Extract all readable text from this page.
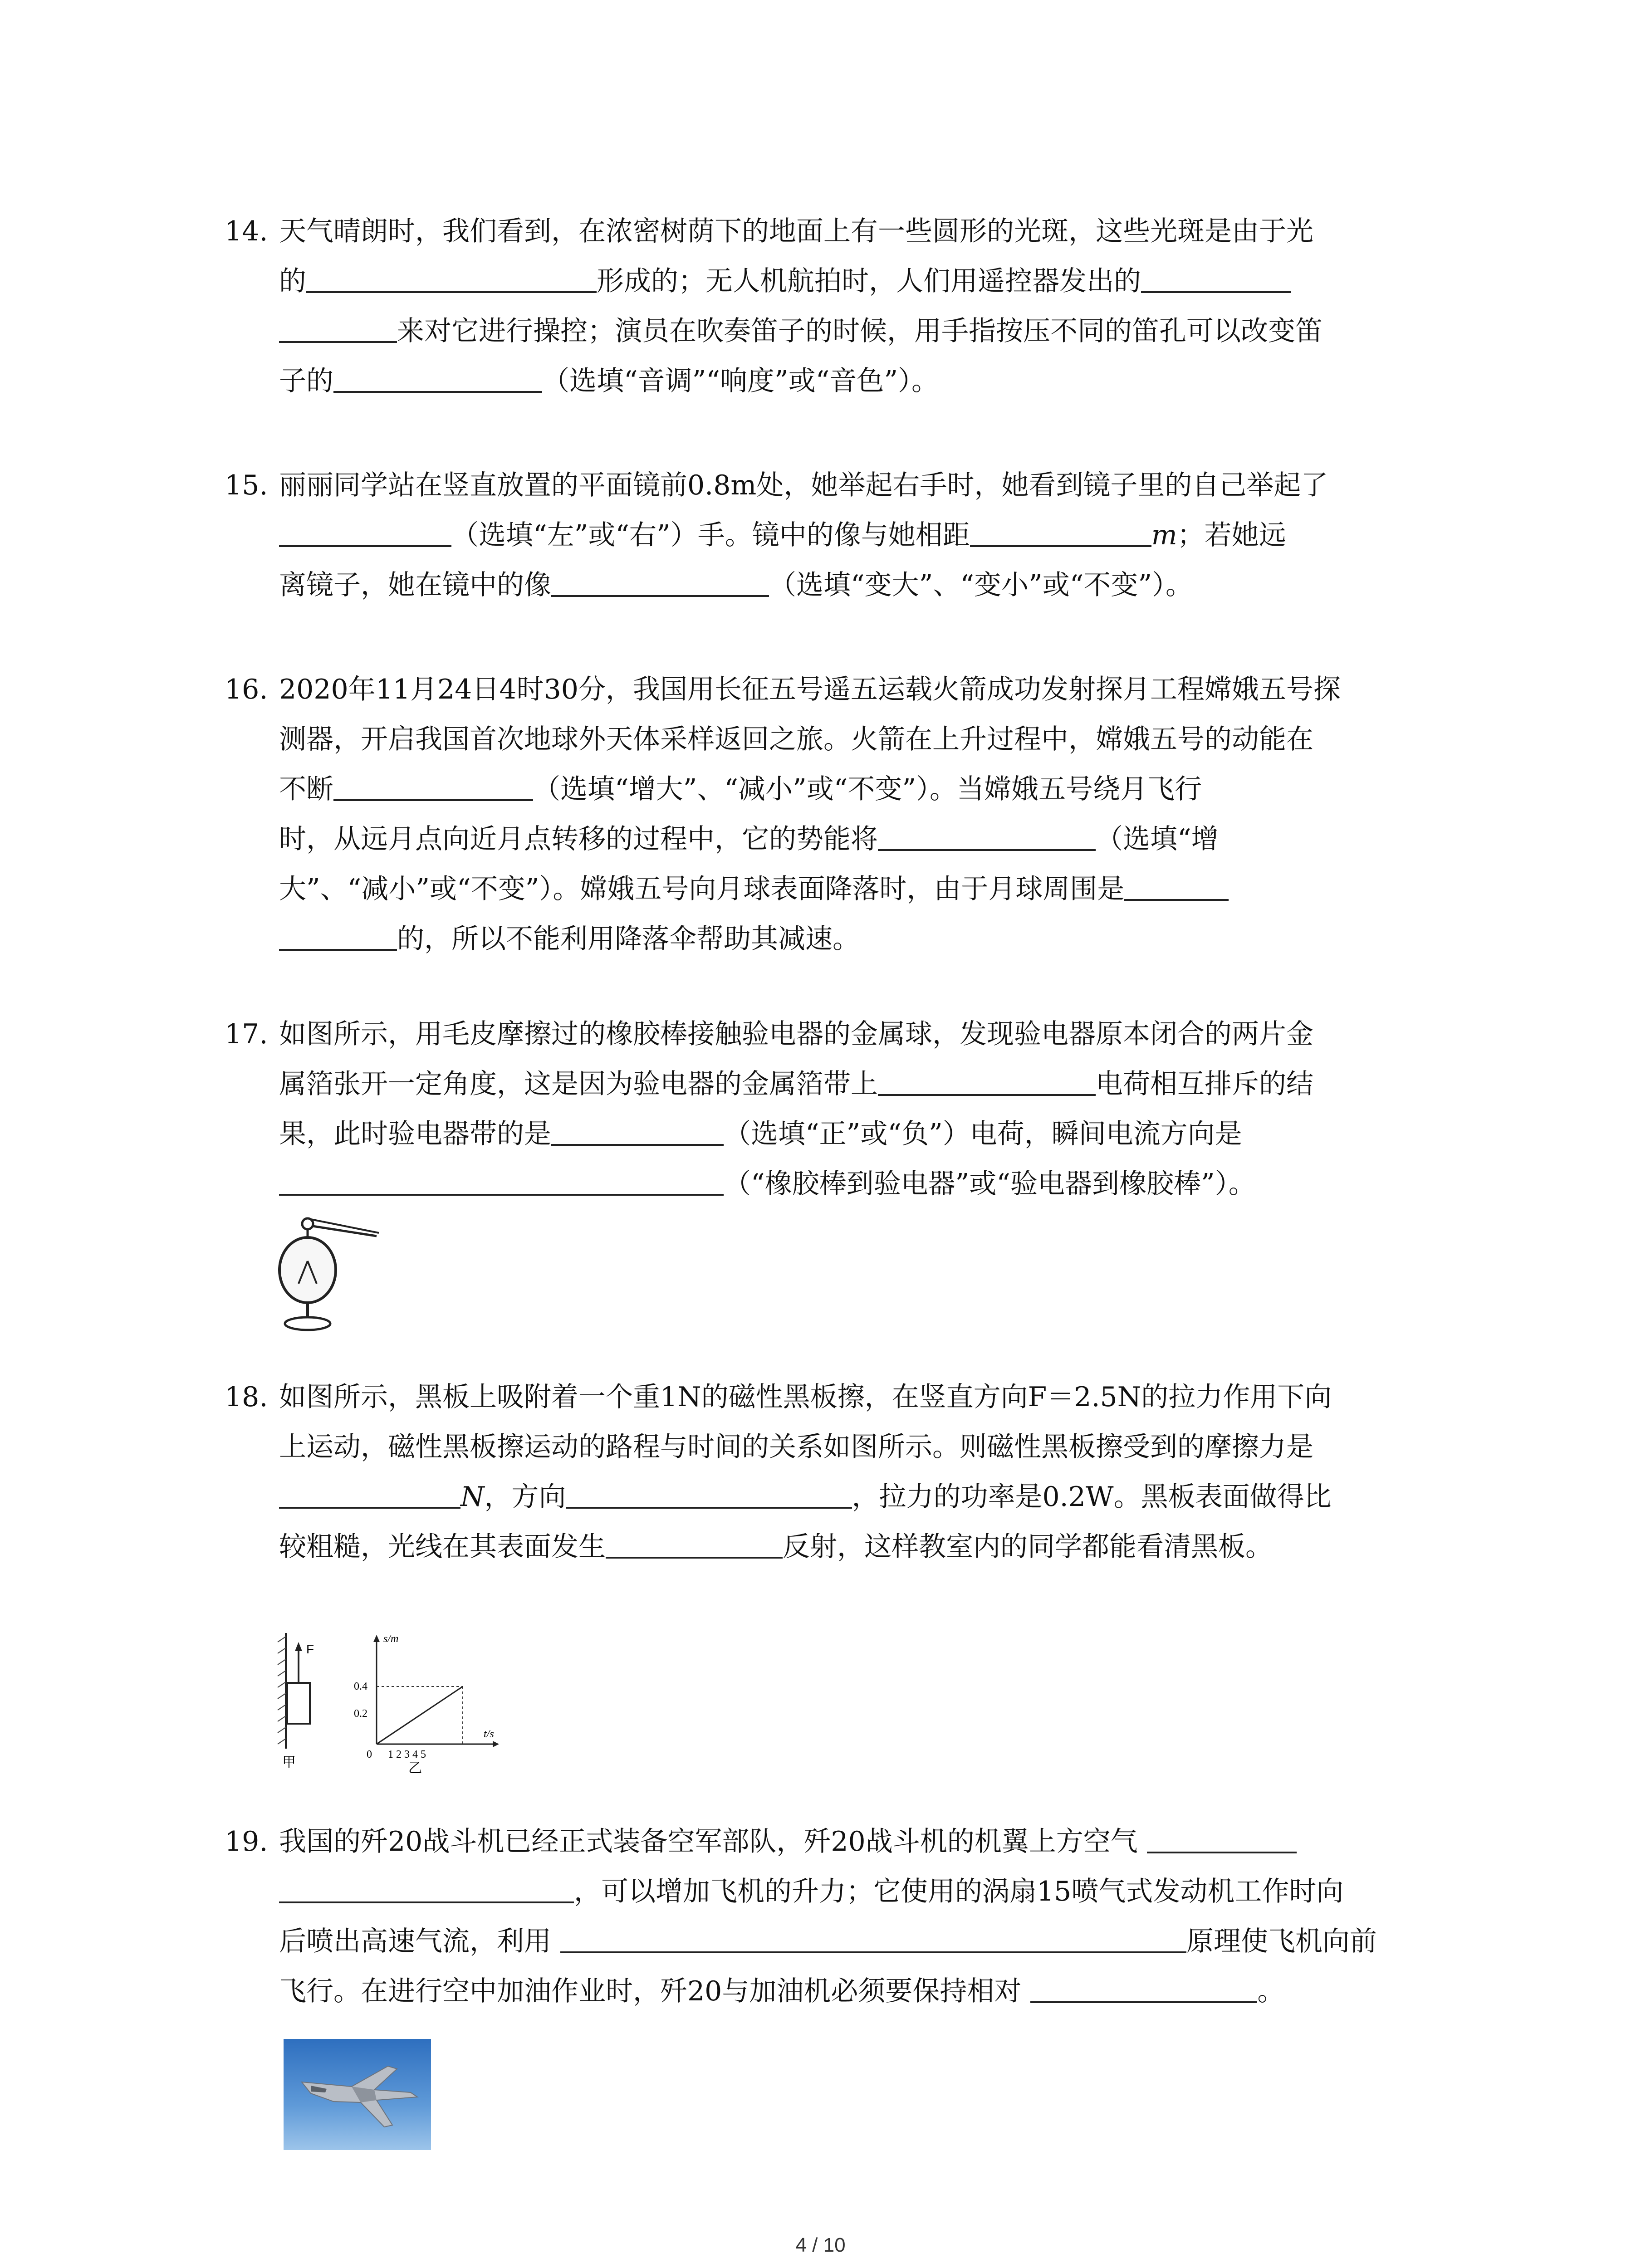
14. 天气晴朗时，我们看到，在浓密树荫下的地面上有一些圆形的光斑，这些光斑是由于光
的	形成的；无人机航拍时，人们用遥控器发出的
来对它进行操控；演员在吹奏笛子的时候，用手指按压不同的笛孔可以改变笛
子的	（选填“音调”“响度”或“音色”）。
15. 丽丽同学站在竖直放置的平面镜前0.8m处，她举起右手时，她看到镜子里的自己举起了
（选填“左”或“右”）手。镜中的像与她相距	m；若她远
离镜子，她在镜中的像	（选填“变大”、“变小”或“不变”）。
16. 2020年11月24日4时30分，我国用长征五号遥五运载火箭成功发射探月工程嫦娥五号探
测器，开启我国首次地球外天体采样返回之旅。火箭在上升过程中，嫦娥五号的动能在
不断	（选填“增大”、“减小”或“不变”）。当嫦娥五号绕月飞行
时，从远月点向近月点转移的过程中，它的势能将	（选填“增
大”、“减小”或“不变”）。嫦娥五号向月球表面降落时，由于月球周围是
的，所以不能利用降落伞帮助其减速。
17. 如图所示，用毛皮摩擦过的橡胶棒接触验电器的金属球，发现验电器原本闭合的两片金
属箔张开一定角度，这是因为验电器的金属箔带上	电荷相互排斥的结
果，此时验电器带的是	（选填“正”或“负”）电荷，瞬间电流方向是
（“橡胶棒到验电器”或“验电器到橡胶棒”）。
18. 如图所示，黑板上吸附着一个重1N的磁性黑板擦，在竖直方向F＝2.5N的拉力作用下向
上运动，磁性黑板擦运动的路程与时间的关系如图所示。则磁性黑板擦受到的摩擦力是
N，方向	，拉力的功率是0.2W。黑板表面做得比
较粗糙，光线在其表面发生	反射，这样教室内的同学都能看清黑板。
F
甲
s/m
t/s
0.4
0.2
0 1 2 3 4 5
乙
19. 我国的歼20战斗机已经正式装备空军部队，歼20战斗机的机翼上方空气
，可以增加飞机的升力；它使用的涡扇15喷气式发动机工作时向
后喷出高速气流，利用	原理使飞机向前
飞行。在进行空中加油作业时，歼20与加油机必须要保持相对	。
4 / 10
